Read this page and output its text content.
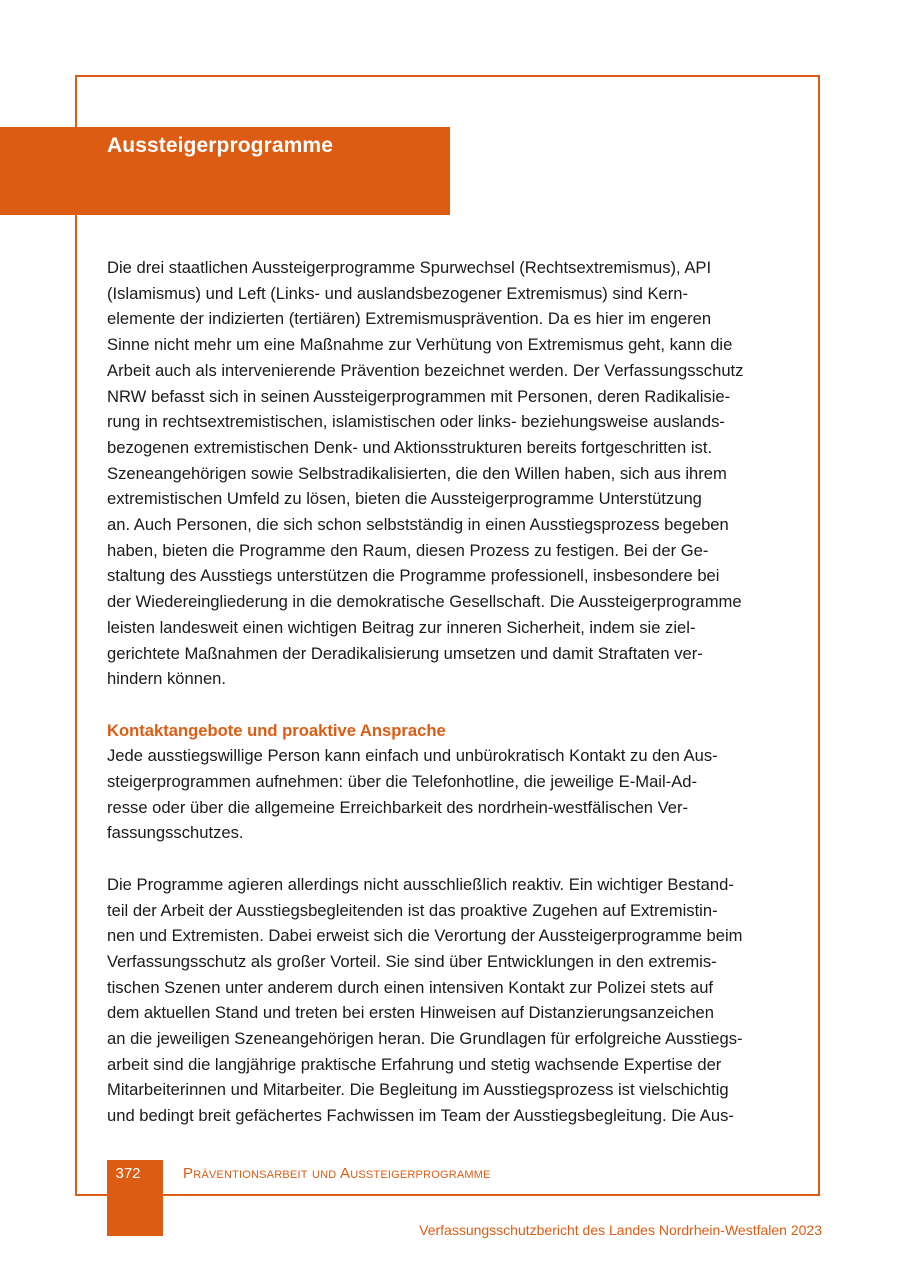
Aussteigerprogramme
Die drei staatlichen Aussteigerprogramme Spurwechsel (Rechtsextremismus), API
(Islamismus) und Left (Links- und auslandsbezogener Extremismus) sind Kern-
elemente der indizierten (tertiären) Extremismusprävention. Da es hier im engeren
Sinne nicht mehr um eine Maßnahme zur Verhütung von Extremismus geht, kann die
Arbeit auch als intervenierende Prävention bezeichnet werden. Der Verfassungsschutz
NRW befasst sich in seinen Aussteigerprogrammen mit Personen, deren Radikalisie-
rung in rechtsextremistischen, islamistischen oder links- beziehungsweise auslands-
bezogenen extremistischen Denk- und Aktionsstrukturen bereits fortgeschritten ist.
Szeneangehörigen sowie Selbstradikalisierten, die den Willen haben, sich aus ihrem
extremistischen Umfeld zu lösen, bieten die Aussteigerprogramme Unterstützung
an. Auch Personen, die sich schon selbstständig in einen Ausstiegsprozess begeben
haben, bieten die Programme den Raum, diesen Prozess zu festigen. Bei der Ge-
staltung des Ausstiegs unterstützen die Programme professionell, insbesondere bei
der Wiedereingliederung in die demokratische Gesellschaft. Die Aussteigerprogramme
leisten landesweit einen wichtigen Beitrag zur inneren Sicherheit, indem sie ziel-
gerichtete Maßnahmen der Deradikalisierung umsetzen und damit Straftaten ver-
hindern können.
Kontaktangebote und proaktive Ansprache
Jede ausstiegswillige Person kann einfach und unbürokratisch Kontakt zu den Aus-
steigerprogrammen aufnehmen: über die Telefonhotline, die jeweilige E-Mail-Ad-
resse oder über die allgemeine Erreichbarkeit des nordrhein-westfälischen Ver-
fassungsschutzes.
Die Programme agieren allerdings nicht ausschließlich reaktiv. Ein wichtiger Bestand-
teil der Arbeit der Ausstiegsbegleitenden ist das proaktive Zugehen auf Extremistin-
nen und Extremisten. Dabei erweist sich die Verortung der Aussteigerprogramme beim
Verfassungsschutz als großer Vorteil. Sie sind über Entwicklungen in den extremis-
tischen Szenen unter anderem durch einen intensiven Kontakt zur Polizei stets auf
dem aktuellen Stand und treten bei ersten Hinweisen auf Distanzierungsanzeichen
an die jeweiligen Szeneangehörigen heran. Die Grundlagen für erfolgreiche Ausstiegs-
arbeit sind die langjährige praktische Erfahrung und stetig wachsende Expertise der
Mitarbeiterinnen und Mitarbeiter. Die Begleitung im Ausstiegsprozess ist vielschichtig
und bedingt breit gefächertes Fachwissen im Team der Ausstiegsbegleitung. Die Aus-
372	Präventionsarbeit und Aussteigerprogramme
Verfassungsschutzbericht des Landes Nordrhein-Westfalen 2023
